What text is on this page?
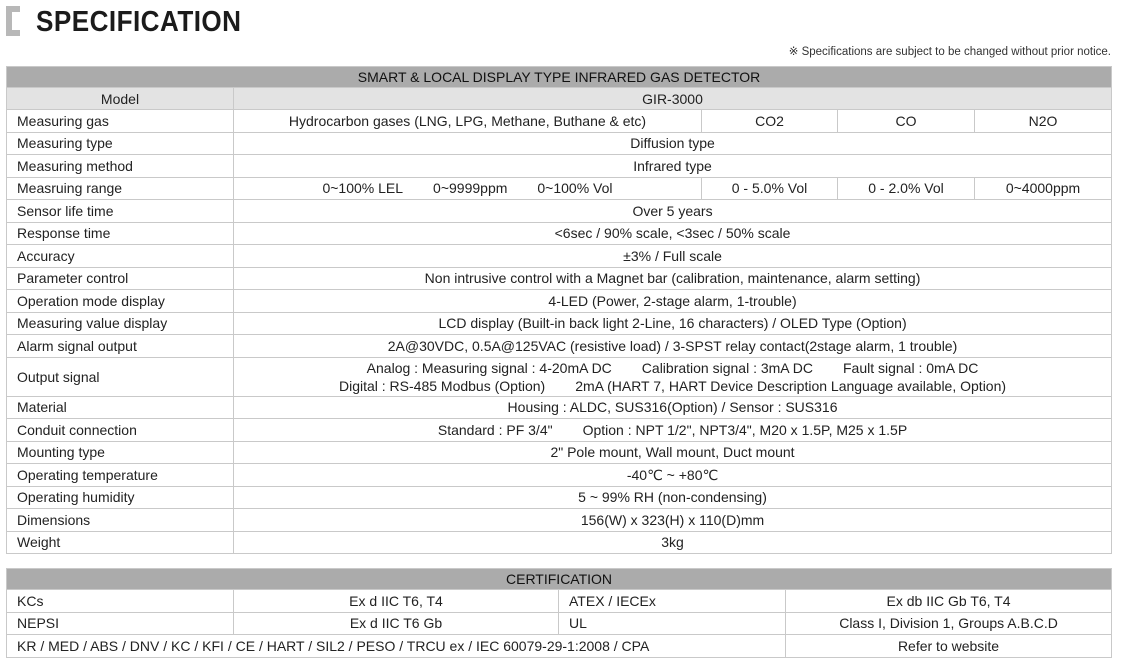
SPECIFICATION
※ Specifications are subject to be changed without prior notice.
SMART & LOCAL DISPLAY TYPE INFRARED GAS DETECTOR				
Model	GIR-3000			
Measuring gas	Hydrocarbon gases (LNG, LPG, Methane, Buthane & etc)	CO2	CO	N2O
Measuring type	Diffusion type			
Measuring method	Infrared type			
Measruing range	0~100% LEL 0~9999ppm 0~100% Vol	0 - 5.0% Vol	0 - 2.0% Vol	0~4000ppm
Sensor life time	Over 5 years			
Response time	<6sec / 90% scale, <3sec / 50% scale			
Accuracy	±3% / Full scale			
Parameter control	Non intrusive control with a Magnet bar (calibration, maintenance, alarm setting)			
Operation mode display	4-LED (Power, 2-stage alarm, 1-trouble)			
Measuring value display	LCD display (Built-in back light 2-Line, 16 characters) / OLED Type (Option)			
Alarm signal output	2A@30VDC, 0.5A@125VAC (resistive load) / 3-SPST relay contact(2stage alarm, 1 trouble)			
Output signal	Analog : Measuring signal : 4-20mA DC Calibration signal : 3mA DC Fault signal : 0mA DC
Digital : RS-485 Modbus (Option) 2mA (HART 7, HART Device Description Language available, Option)			

Material	Housing : ALDC, SUS316(Option) / Sensor : SUS316			
Conduit connection	Standard : PF 3/4" Option : NPT 1/2", NPT3/4", M20 x 1.5P, M25 x 1.5P			
Mounting type	2" Pole mount, Wall mount, Duct mount			
Operating temperature	-40℃ ~ +80℃			
Operating humidity	5 ~ 99% RH (non-condensing)			
Dimensions	156(W) x 323(H) x 110(D)mm			
Weight	3kg			
CERTIFICATION			
KCs	Ex d IIC T6, T4	ATEX / IECEx	Ex db IIC Gb T6, T4
NEPSI	Ex d IIC T6 Gb	UL	Class I, Division 1, Groups A.B.C.D
KR / MED / ABS / DNV / KC / KFI / CE / HART / SIL2 / PESO / TRCU ex / IEC 60079-29-1:2008 / CPA			Refer to website
